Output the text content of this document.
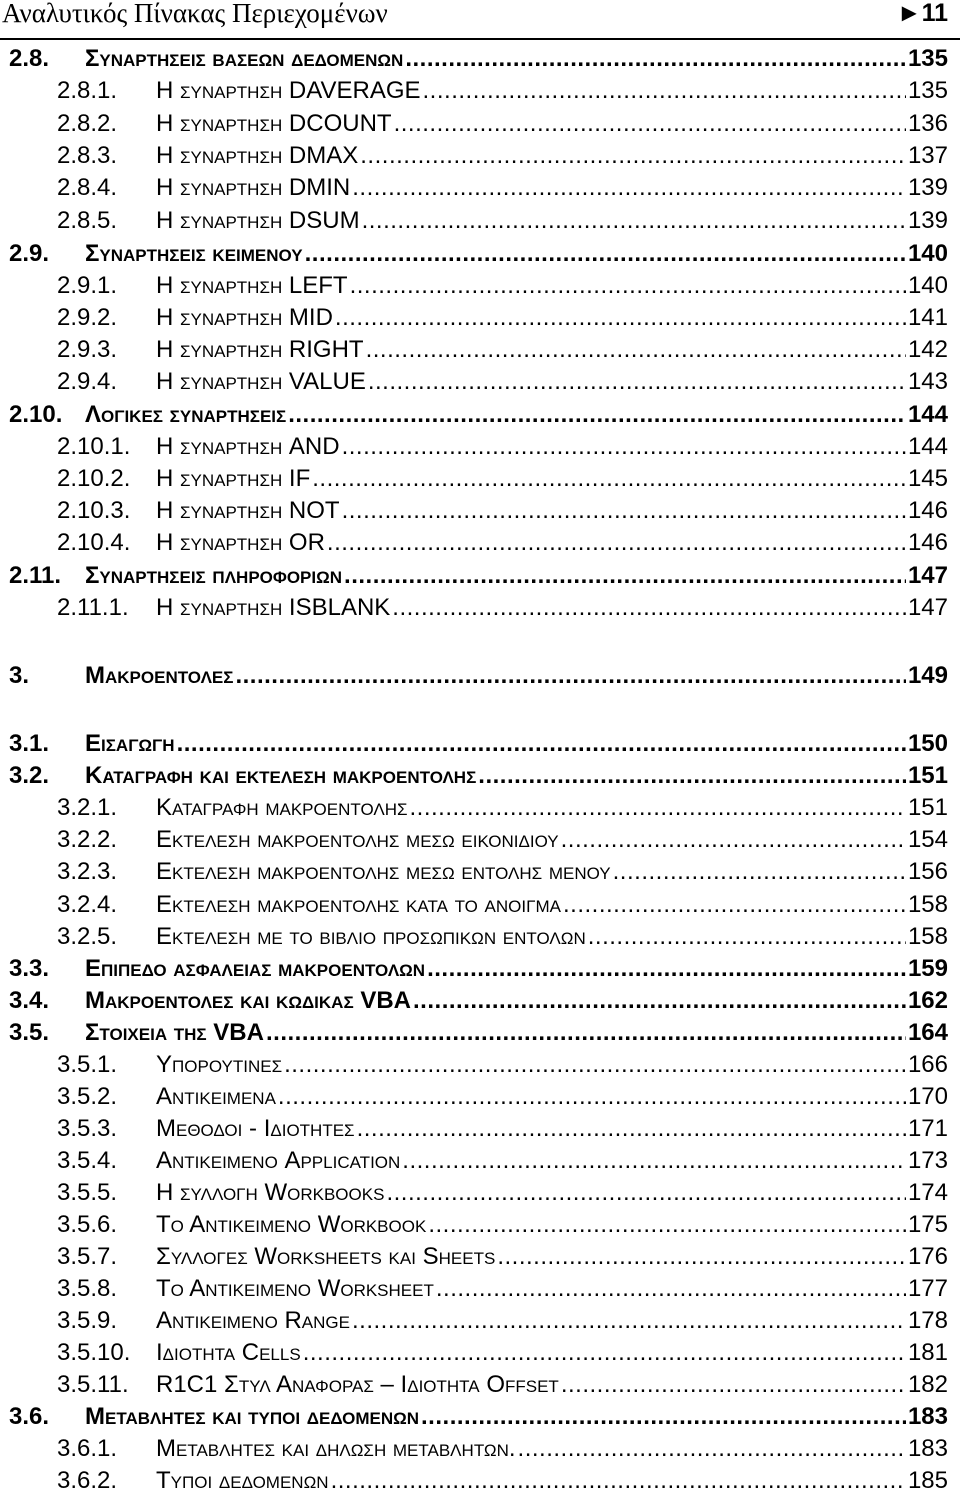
Αναλυτικός Πίνακας Περιεχομένων	►11
2.8. Συναρτησεισ βασεων δεδομενων .....	135
2.8.1. Η συναρτηση DAVERAGE .....	135
2.8.2. Η συναρτηση DCOUNT .....	136
2.8.3. Η συναρτηση DMAX .....	137
2.8.4. Η συναρτηση DMIN .....	139
2.8.5. Η συναρτηση DSUM .....	139
2.9. Συναρτησεισ κειμενου .....	140
2.9.1. Η συναρτηση LEFT .....	140
2.9.2. Η συναρτηση MID .....	141
2.9.3. Η συναρτηση RIGHT .....	142
2.9.4. Η συναρτηση VALUE .....	143
2.10. Λογικεσ συναρτησεισ .....	144
2.10.1. Η συναρτηση AND .....	144
2.10.2. Η συναρτηση IF .....	145
2.10.3. Η συναρτηση NOT .....	146
2.10.4. Η συναρτηση OR .....	146
2.11. Συναρτησεισ πληροφοριων .....	147
2.11.1. Η συναρτηση ISBLANK .....	147
3. Μακροεντολεσ .....	149
3.1. Εισαγωγη .....	150
3.2. Καταγραφη και εκτελεση μακροεντολησ .....	151
3.2.1. Καταγραφη μακροεντολησ .....	151
3.2.2. Εκτελεση μακροεντολησ μεσω εικονιδιου .....	154
3.2.3. Εκτελεση μακροεντολησ μεσω εντολησ μενου .....	156
3.2.4. Εκτελεση μακροεντολησ κατα το ανοιγμα .....	158
3.2.5. Εκτελεση με το βιβλιο προσωπικων εντολων .....	158
3.3. Επιπεδο ασφαλειασ μακροεντολων .....	159
3.4. Μακροεντολεσ και κωδικασ VBA .....	162
3.5. Στοιχεια τησ VBA .....	164
3.5.1. Υπορουτινεσ .....	166
3.5.2. Αντικειμενα .....	170
3.5.3. Μεθοδοι - Ιδιοτητεσ .....	171
3.5.4. Αντικειμενο Application .....	173
3.5.5. Η συλλογη Workbooks .....	174
3.5.6. Το Αντικειμενο Workbook .....	175
3.5.7. Συλλογεσ Worksheets και Sheets .....	176
3.5.8. Το Αντικειμενο Worksheet .....	177
3.5.9. Αντικειμενο Range .....	178
3.5.10. Ιδιοτητα Cells .....	181
3.5.11. R1C1 Στυλ Αναφορασ – Ιδιοτητα Offset .....	182
3.6. Μεταβλητεσ και τυποι δεδομενων .....	183
3.6.1. Μεταβλητεσ και δηλωση μεταβλητων. .....	183
3.6.2. Τυποι δεδομενων .....	185
